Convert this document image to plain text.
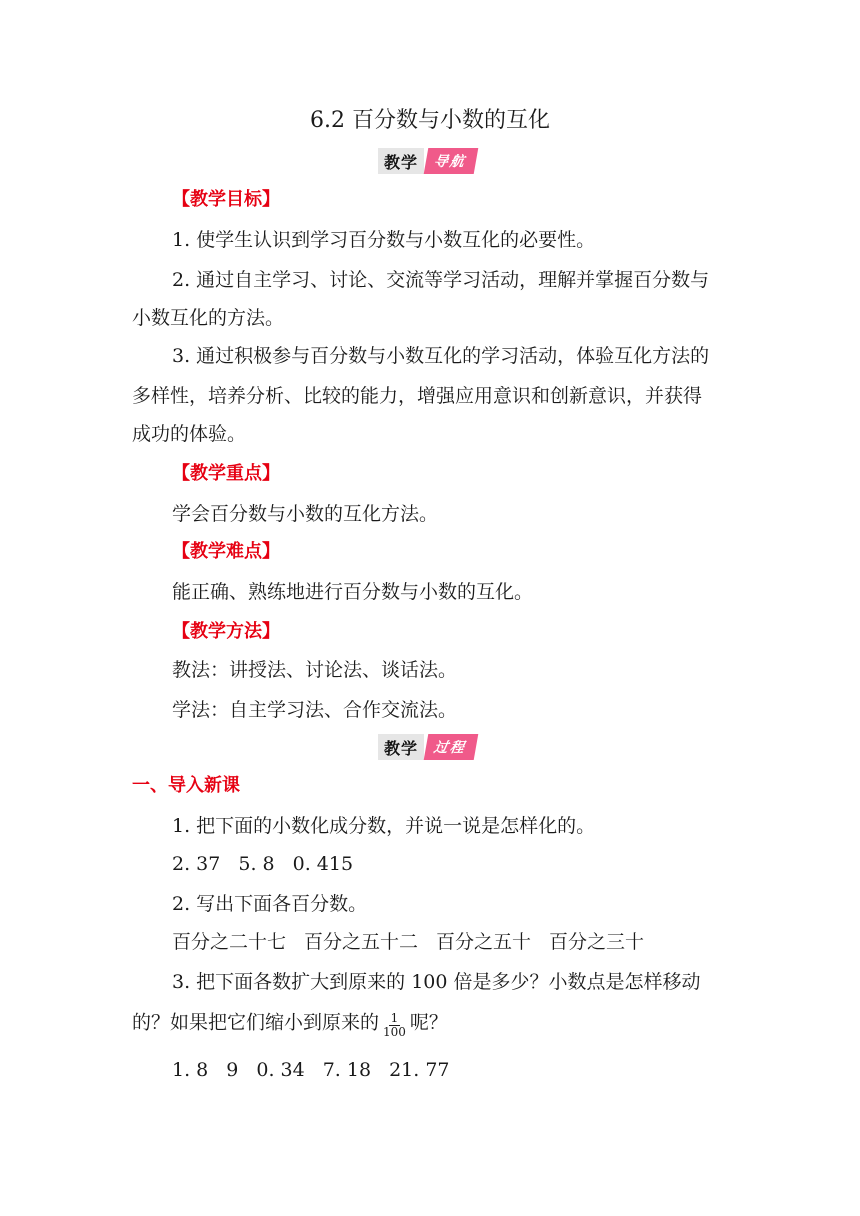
6.2 百分数与小数的互化
教学	导航
【教学目标】
1. 使学生认识到学习百分数与小数互化的必要性。
2. 通过自主学习、讨论、交流等学习活动，理解并掌握百分数与
小数互化的方法。
3. 通过积极参与百分数与小数互化的学习活动，体验互化方法的
多样性，培养分析、比较的能力，增强应用意识和创新意识，并获得
成功的体验。
【教学重点】
学会百分数与小数的互化方法。
【教学难点】
能正确、熟练地进行百分数与小数的互化。
【教学方法】
教法：讲授法、讨论法、谈话法。
学法：自主学习法、合作交流法。
教学	过程
一、导入新课
1. 把下面的小数化成分数，并说一说是怎样化的。
2. 37 5. 8 0. 415
2. 写出下面各百分数。
百分之二十七 百分之五十二 百分之五十 百分之三十
3. 把下面各数扩大到原来的 100 倍是多少？小数点是怎样移动
的？如果把它们缩小到原来的 $\frac{1}{100}$ 呢？
1. 8 9 0. 34 7. 18 21. 77
